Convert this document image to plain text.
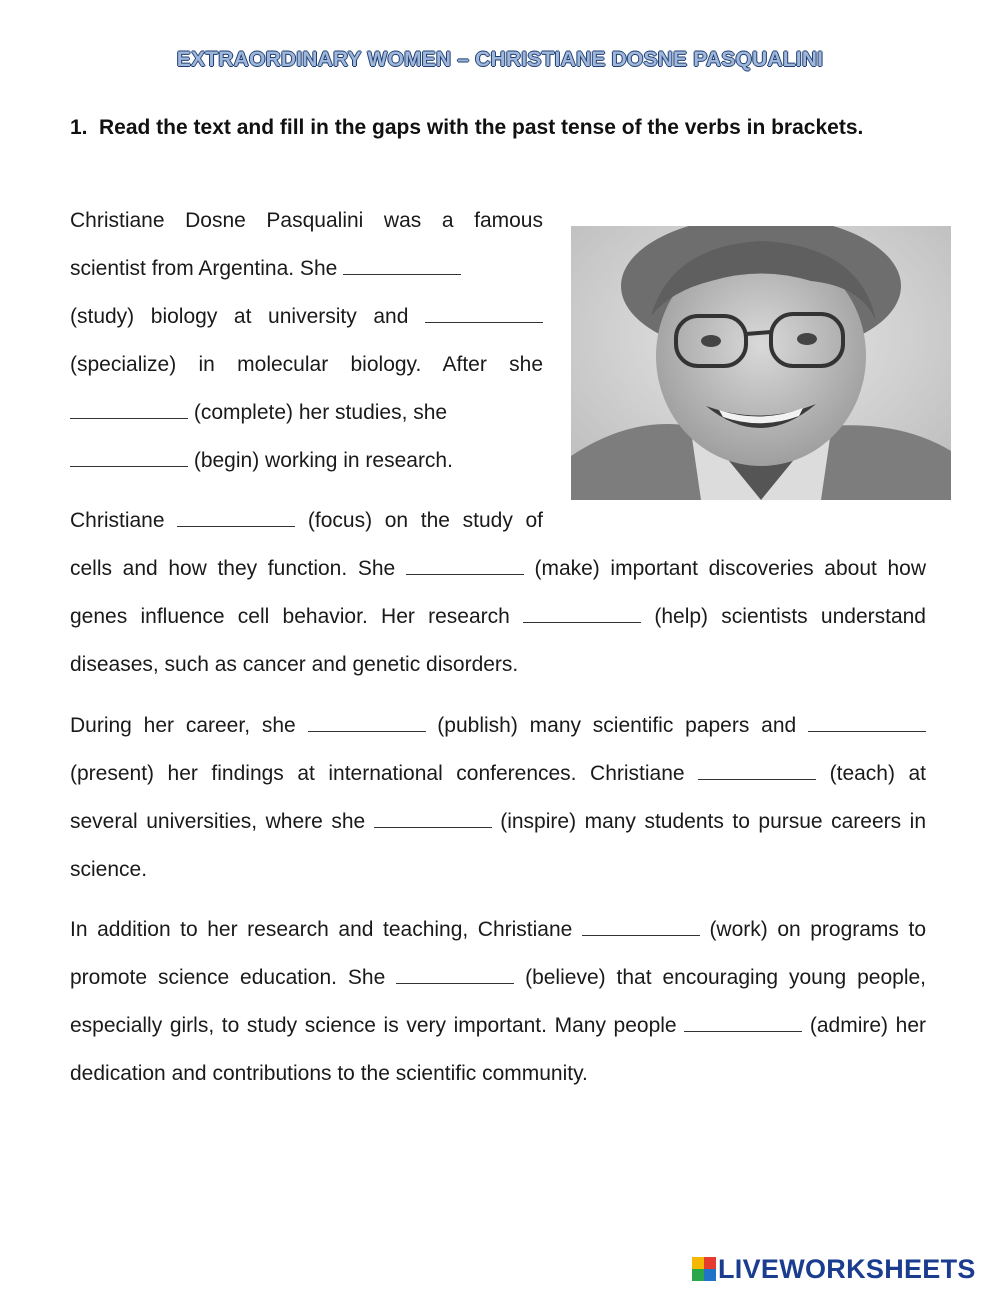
EXTRAORDINARY WOMEN – CHRISTIANE DOSNE PASQUALINI
1. Read the text and fill in the gaps with the past tense of the verbs in brackets.
Christiane Dosne Pasqualini was a famous scientist from Argentina. She
(study) biology at university and  (specialize) in molecular biology. After she  (complete) her studies, she
(begin) working in research.
Christiane	(focus) on the study of cells and how they function. She	(make) important discoveries about how genes influence cell behavior. Her research	(help) scientists understand diseases, such as cancer and genetic disorders.
During her career, she	(publish) many scientific papers and  (present) her findings at international conferences. Christiane	(teach) at several universities, where she	(inspire) many students to pursue careers in science.
In addition to her research and teaching, Christiane	(work) on programs to promote science education. She	(believe) that encouraging young people, especially girls, to study science is very important. Many people	(admire) her dedication and contributions to the scientific community.
LIVEWORKSHEETS
